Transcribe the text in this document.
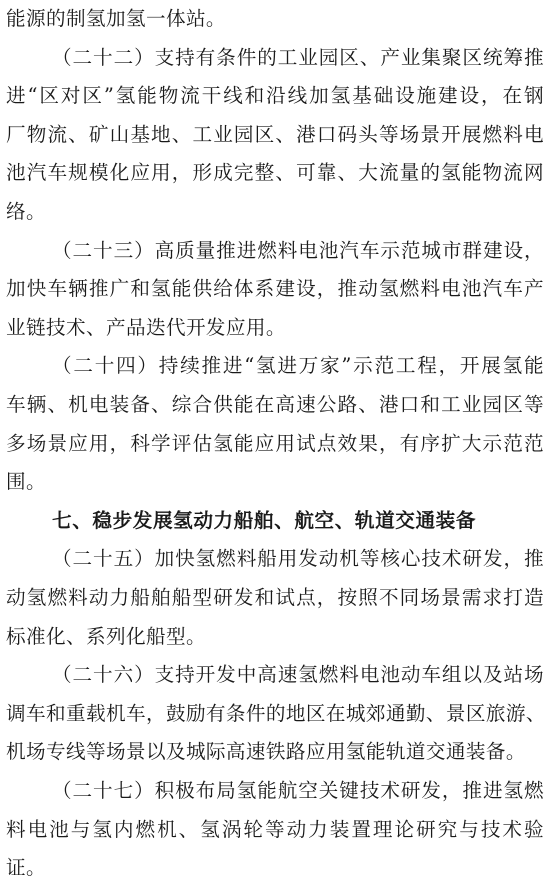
能源的制氢加氢一体站。
（二十二）支持有条件的工业园区、产业集聚区统筹推
进“区对区”氢能物流干线和沿线加氢基础设施建设，在钢
厂物流、矿山基地、工业园区、港口码头等场景开展燃料电
池汽车规模化应用，形成完整、可靠、大流量的氢能物流网
络。
（二十三）高质量推进燃料电池汽车示范城市群建设，
加快车辆推广和氢能供给体系建设，推动氢燃料电池汽车产
业链技术、产品迭代开发应用。
（二十四）持续推进“氢进万家”示范工程，开展氢能
车辆、机电装备、综合供能在高速公路、港口和工业园区等
多场景应用，科学评估氢能应用试点效果，有序扩大示范范
围。
七、稳步发展氢动力船舶、航空、轨道交通装备
（二十五）加快氢燃料船用发动机等核心技术研发，推
动氢燃料动力船舶船型研发和试点，按照不同场景需求打造
标准化、系列化船型。
（二十六）支持开发中高速氢燃料电池动车组以及站场
调车和重载机车，鼓励有条件的地区在城郊通勤、景区旅游、
机场专线等场景以及城际高速铁路应用氢能轨道交通装备。
（二十七）积极布局氢能航空关键技术研发，推进氢燃
料电池与氢内燃机、氢涡轮等动力装置理论研究与技术验
证。
